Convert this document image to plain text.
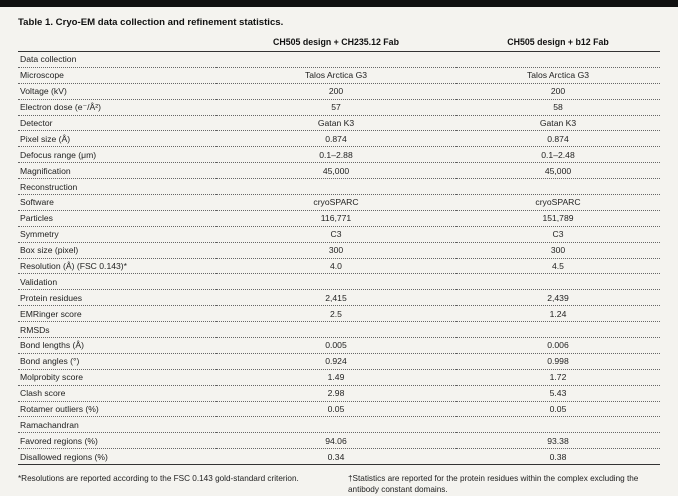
Table 1. Cryo-EM data collection and refinement statistics.
	CH505 design + CH235.12 Fab	CH505 design + b12 Fab
Data collection		
Microscope	Talos Arctica G3	Talos Arctica G3
Voltage (kV)	200	200
Electron dose (e⁻/Å²)	57	58
Detector	Gatan K3	Gatan K3
Pixel size (Å)	0.874	0.874
Defocus range (μm)	0.1–2.88	0.1–2.48
Magnification	45,000	45,000
Reconstruction		
Software	cryoSPARC	cryoSPARC
Particles	116,771	151,789
Symmetry	C3	C3
Box size (pixel)	300	300
Resolution (Å) (FSC 0.143)*	4.0	4.5
Validation		
Protein residues	2,415	2,439
EMRinger score	2.5	1.24
RMSDs		
Bond lengths (Å)	0.005	0.006
Bond angles (°)	0.924	0.998
Molprobity score	1.49	1.72
Clash score	2.98	5.43
Rotamer outliers (%)	0.05	0.05
Ramachandran		
Favored regions (%)	94.06	93.38
Disallowed regions (%)	0.34	0.38
*Resolutions are reported according to the FSC 0.143 gold-standard criterion.	†Statistics are reported for the protein residues within the complex excluding the antibody constant domains.
